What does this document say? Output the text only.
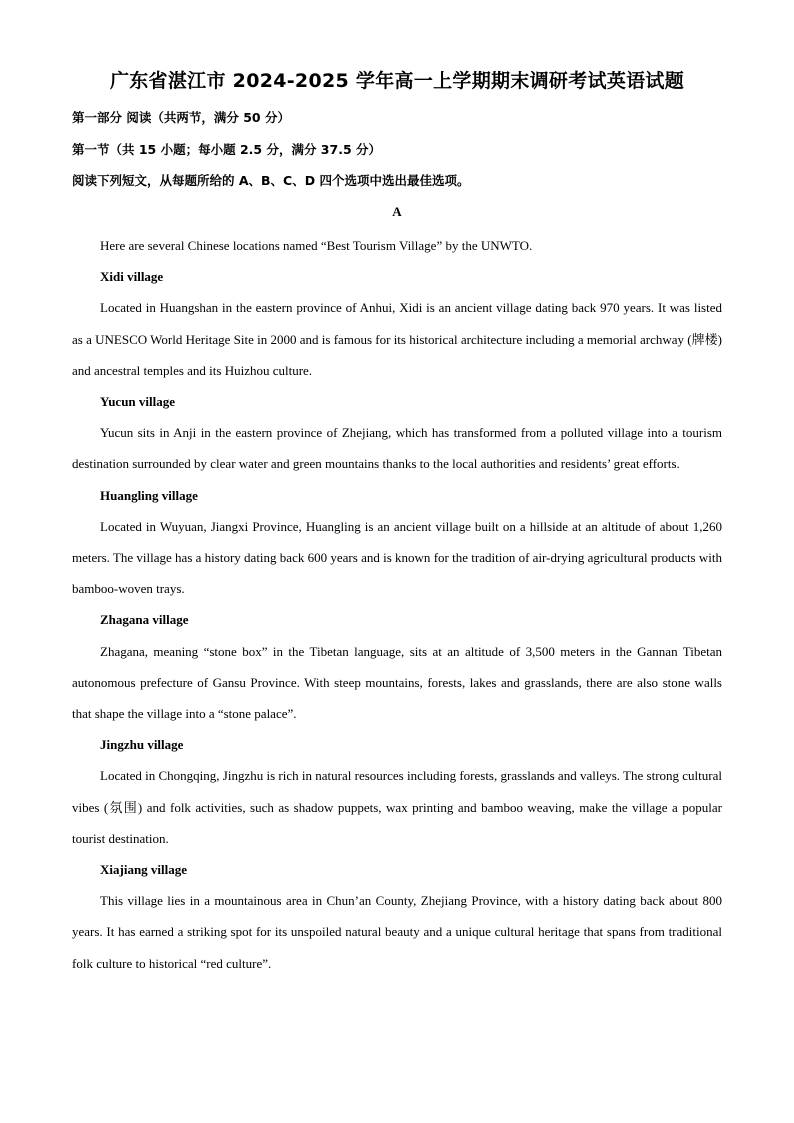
广东省湛江市 2024-2025 学年高一上学期期末调研考试英语试题
第一部分 阅读（共两节，满分 50 分）
第一节（共 15 小题；每小题 2.5 分，满分 37.5 分）
阅读下列短文，从每题所给的 A、B、C、D 四个选项中选出最佳选项。
A

Here are several Chinese locations named “Best Tourism Village” by the UNWTO.

Xidi village

Located in Huangshan in the eastern province of Anhui, Xidi is an ancient village dating back 970 years. It was listed as a UNESCO World Heritage Site in 2000 and is famous for its historical architecture including a memorial archway (牌楼) and ancestral temples and its Huizhou culture.

Yucun village

Yucun sits in Anji in the eastern province of Zhejiang, which has transformed from a polluted village into a tourism destination surrounded by clear water and green mountains thanks to the local authorities and residents’ great efforts.

Huangling village

Located in Wuyuan, Jiangxi Province, Huangling is an ancient village built on a hillside at an altitude of about 1,260 meters. The village has a history dating back 600 years and is known for the tradition of air-drying agricultural products with bamboo-woven trays.

Zhagana village

Zhagana, meaning “stone box” in the Tibetan language, sits at an altitude of 3,500 meters in the Gannan Tibetan autonomous prefecture of Gansu Province. With steep mountains, forests, lakes and grasslands, there are also stone walls that shape the village into a “stone palace”.

Jingzhu village

Located in Chongqing, Jingzhu is rich in natural resources including forests, grasslands and valleys. The strong cultural vibes (氛围) and folk activities, such as shadow puppets, wax printing and bamboo weaving, make the village a popular tourist destination.

Xiajiang village

This village lies in a mountainous area in Chun’an County, Zhejiang Province, with a history dating back about 800 years. It has earned a striking spot for its unspoiled natural beauty and a unique cultural heritage that spans from traditional folk culture to historical “red culture”.
